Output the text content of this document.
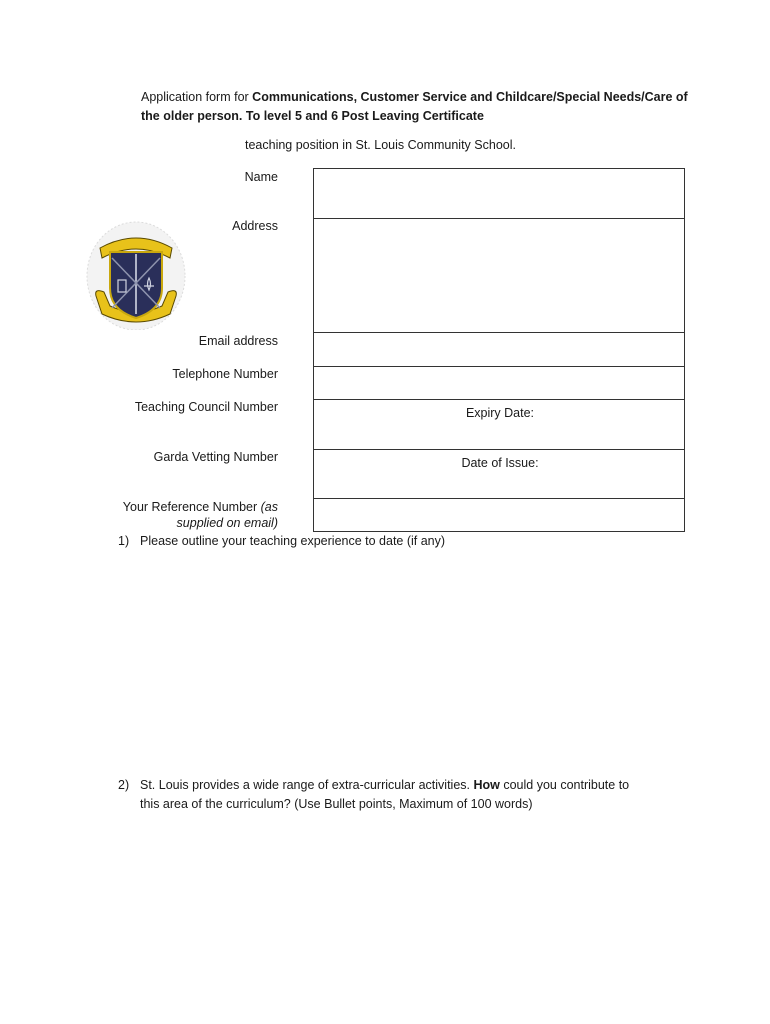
Application form for Communications, Customer Service and Childcare/Special Needs/Care of the older person. To level 5 and 6 Post Leaving Certificate
teaching position in St. Louis Community School.
Name
Address
Email address
Telephone Number
Teaching Council Number
Garda Vetting Number
Your Reference Number (as
supplied on email)
Expiry Date:
Date of Issue:
1) Please outline your teaching experience to date (if any)
2) St. Louis provides a wide range of extra-curricular activities. How could you contribute to
this area of the curriculum? (Use Bullet points, Maximum of 100 words)
